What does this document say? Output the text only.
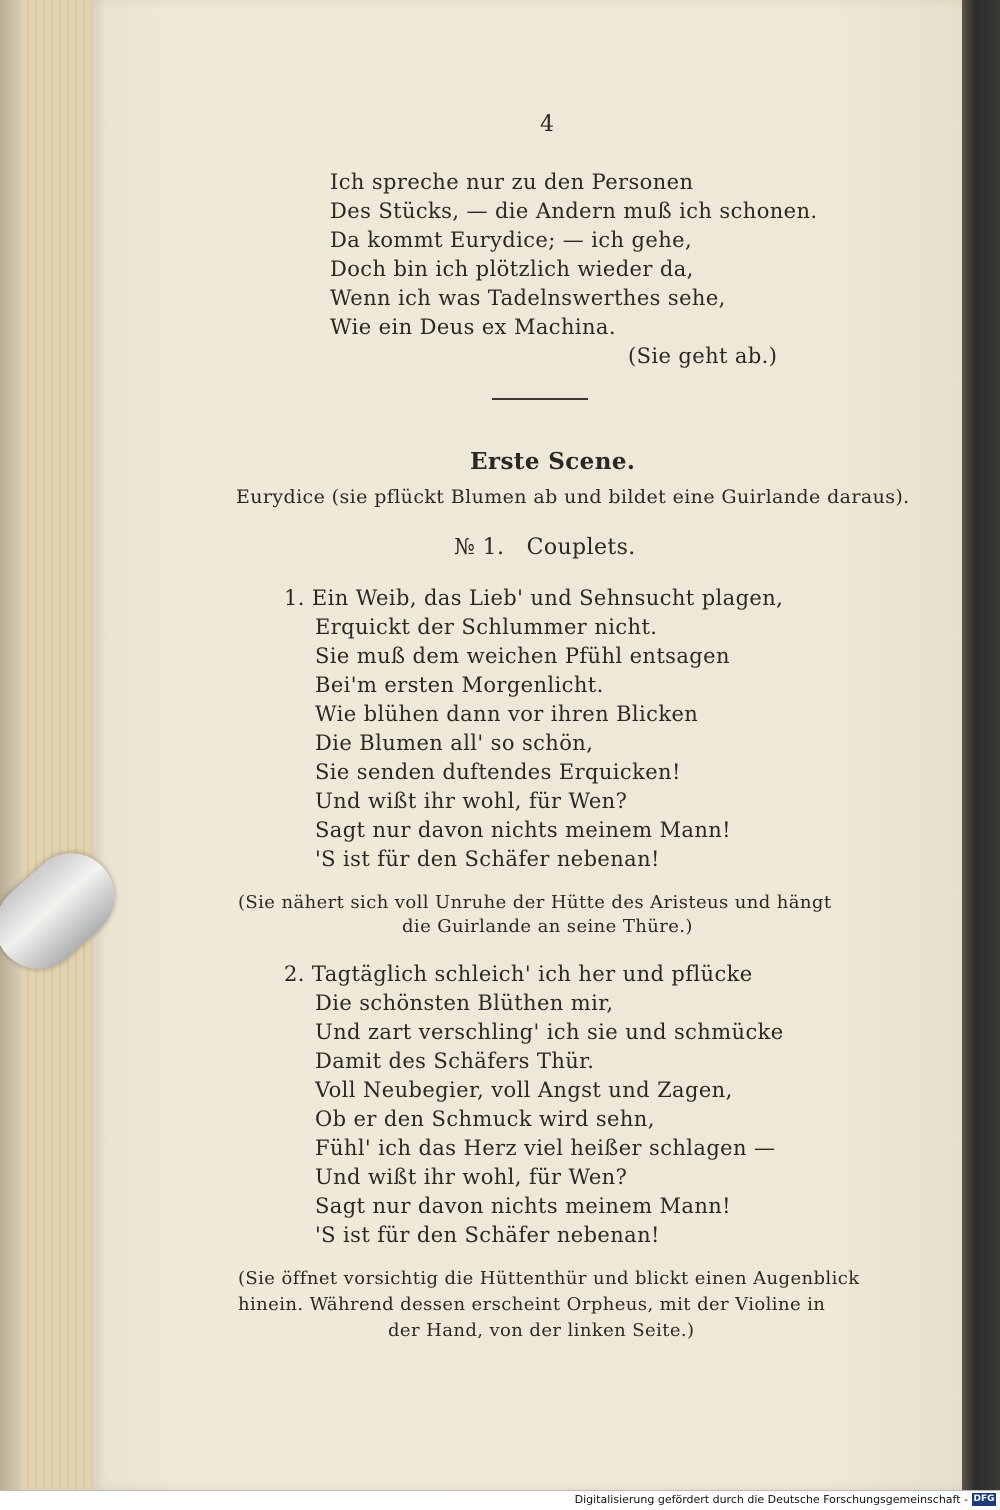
4
Ich spreche nur zu den Personen
Des Stücks, — die Andern muß ich schonen.
Da kommt Eurydice; — ich gehe,
Doch bin ich plötzlich wieder da,
Wenn ich was Tadelnswerthes sehe,
Wie ein Deus ex Machina.
(Sie geht ab.)
Erste Scene.
Eurydice (sie pflückt Blumen ab und bildet eine Guirlande daraus).
№ 1.   Couplets.
1. Ein Weib, das Lieb' und Sehnsucht plagen,
Erquickt der Schlummer nicht.
Sie muß dem weichen Pfühl entsagen
Bei'm ersten Morgenlicht.
Wie blühen dann vor ihren Blicken
Die Blumen all' so schön,
Sie senden duftendes Erquicken!
Und wißt ihr wohl, für Wen?
Sagt nur davon nichts meinem Mann!
'S ist für den Schäfer nebenan!
(Sie nähert sich voll Unruhe der Hütte des Aristeus und hängt
die Guirlande an seine Thüre.)
2. Tagtäglich schleich' ich her und pflücke
Die schönsten Blüthen mir,
Und zart verschling' ich sie und schmücke
Damit des Schäfers Thür.
Voll Neubegier, voll Angst und Zagen,
Ob er den Schmuck wird sehn,
Fühl' ich das Herz viel heißer schlagen —
Und wißt ihr wohl, für Wen?
Sagt nur davon nichts meinem Mann!
'S ist für den Schäfer nebenan!
(Sie öffnet vorsichtig die Hüttenthür und blickt einen Augenblick
hinein. Während dessen erscheint Orpheus, mit der Violine in
der Hand, von der linken Seite.)
Digitalisierung gefördert durch die Deutsche Forschungsgemeinschaft - DFG
